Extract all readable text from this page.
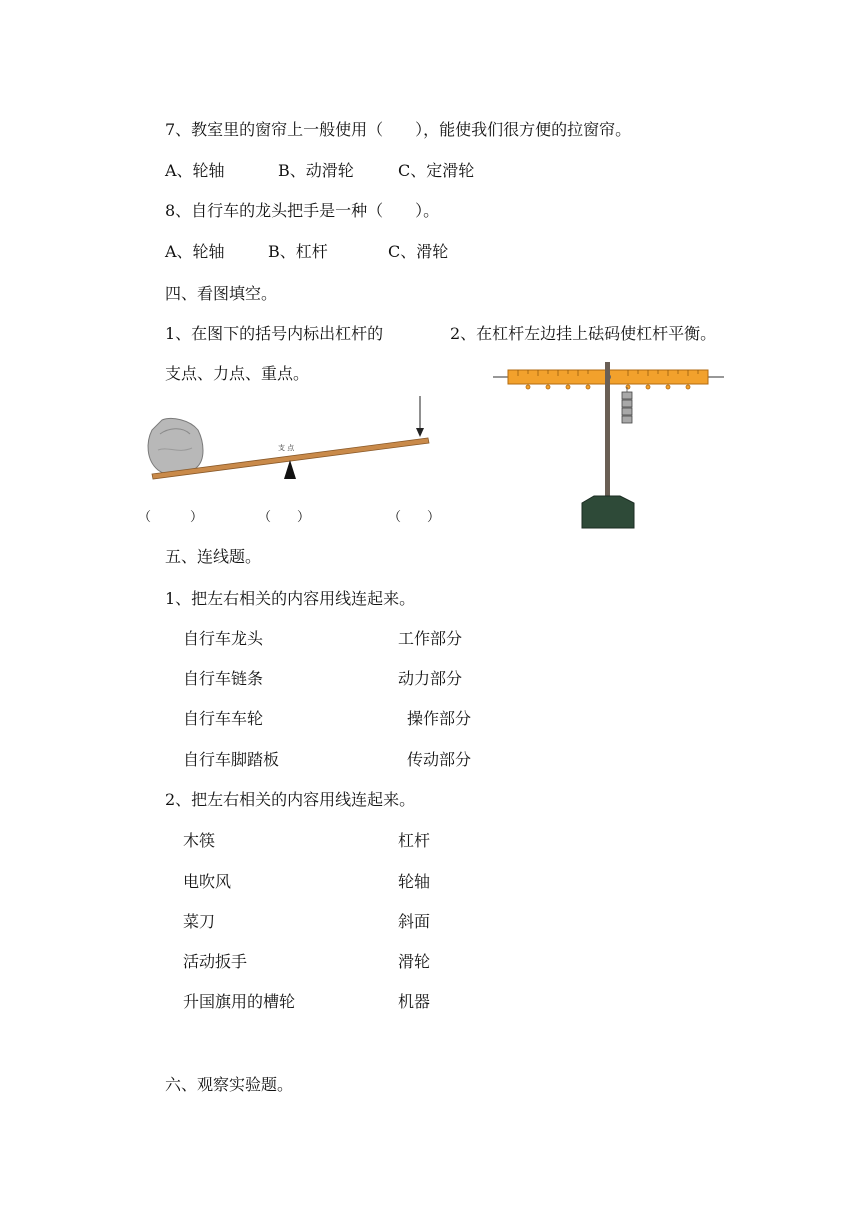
7、教室里的窗帘上一般使用（　　），能使我们很方便的拉窗帘。
A、轮轴	B、动滑轮	C、定滑轮
8、自行车的龙头把手是一种（　　）。
A、轮轴	B、杠杆	C、滑轮
四、看图填空。
1、在图下的括号内标出杠杆的	2、在杠杆左边挂上砝码使杠杆平衡。
支点、力点、重点。
支 点
（　　　）	（　　）	（　　）
五、连线题。
1、把左右相关的内容用线连起来。
自行车龙头	工作部分
自行车链条	动力部分
自行车车轮	操作部分
自行车脚踏板	传动部分
2、把左右相关的内容用线连起来。
木筷	杠杆
电吹风	轮轴
菜刀	斜面
活动扳手	滑轮
升国旗用的槽轮	机器
六、观察实验题。
